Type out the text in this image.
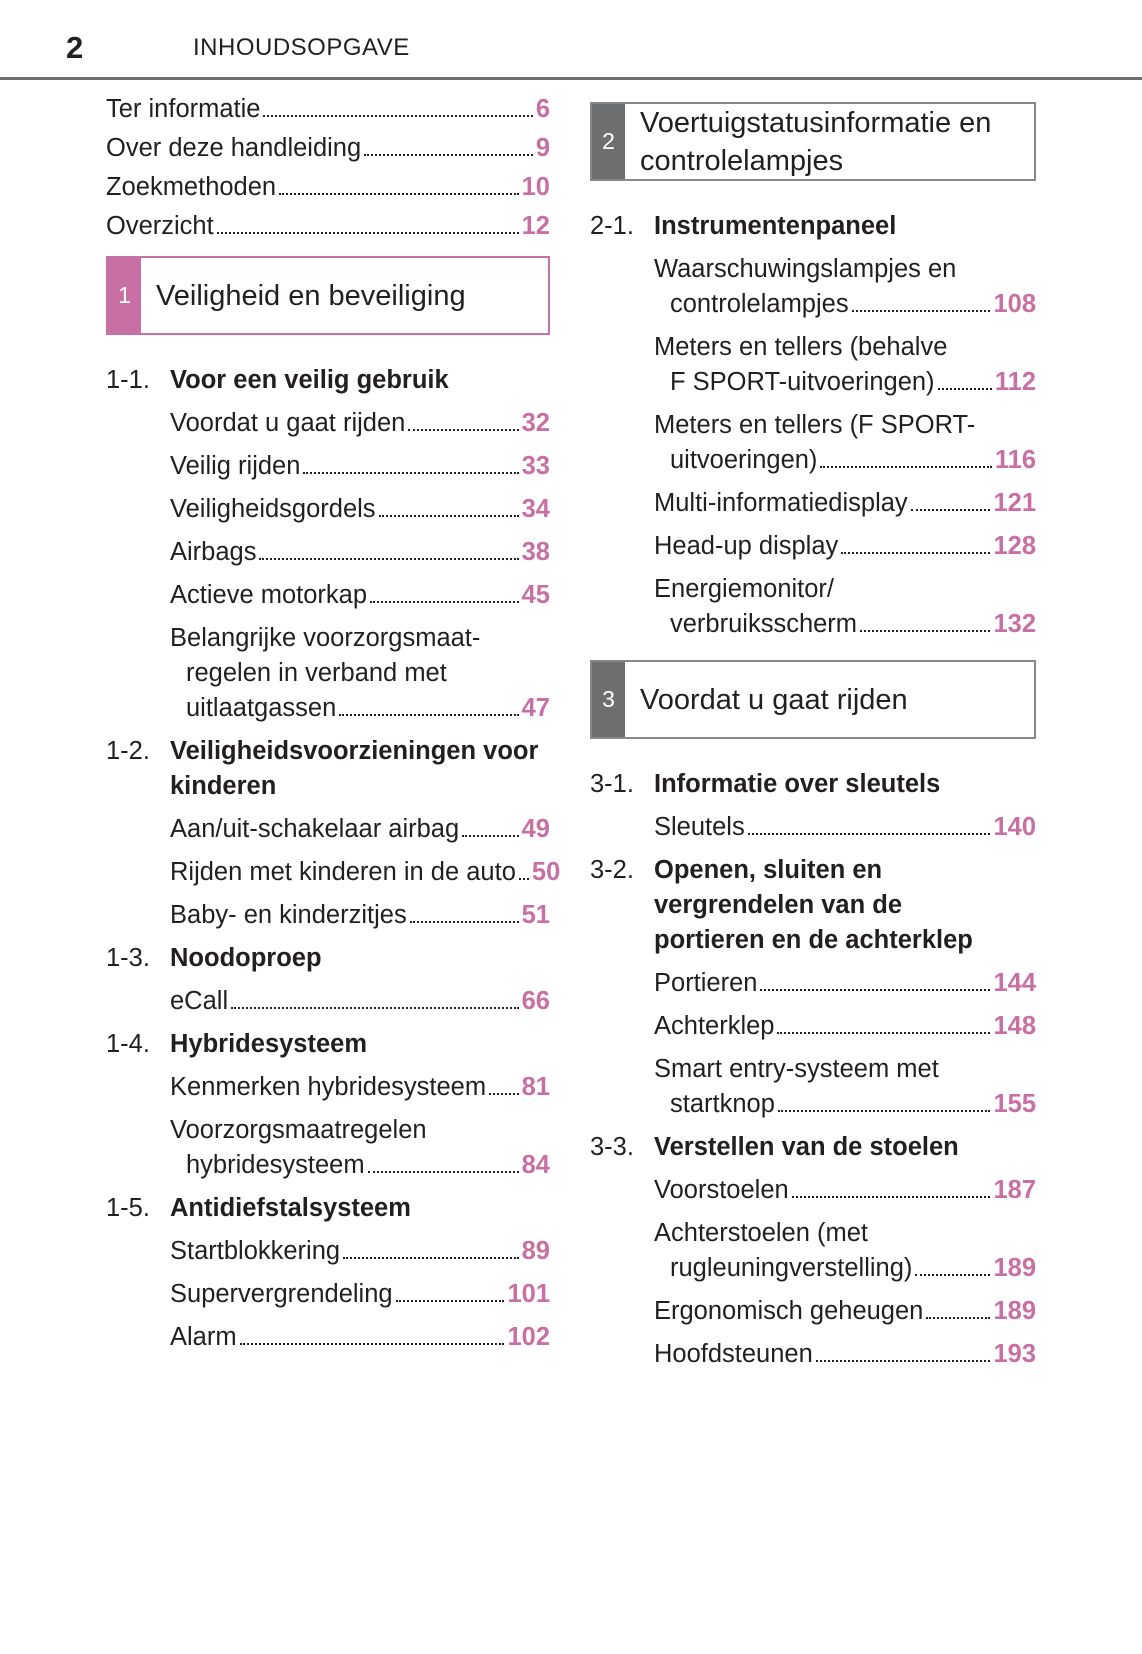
2	INHOUDSOPGAVE
Ter informatie	6
Over deze handleiding	9
Zoekmethoden	10
Overzicht	12
1 Veiligheid en beveiliging
1-1. Voor een veilig gebruik
Voordat u gaat rijden	32
Veilig rijden	33
Veiligheidsgordels	34
Airbags	38
Actieve motorkap	45
Belangrijke voorzorgsmaat-
regelen in verband met
uitlaatgassen	47
1-2. Veiligheidsvoorzieningen voor
kinderen
Aan/uit-schakelaar airbag 49
Rijden met kinderen in de auto 50
Baby- en kinderzitjes	51
1-3. Noodoproep
eCall	66
1-4. Hybridesysteem
Kenmerken hybridesysteem 81
Voorzorgsmaatregelen
hybridesysteem	84
1-5. Antidiefstalsysteem
Startblokkering	89
Supervergrendeling	101
Alarm	102
2
Voertuigstatusinformatie en
controlelampjes
2-1. Instrumentenpaneel
Waarschuwingslampjes en
controlelampjes	108
Meters en tellers (behalve
F SPORT-uitvoeringen) 112
Meters en tellers (F SPORT-
uitvoeringen)	116
Multi-informatiedisplay	121
Head-up display	128
Energiemonitor/
verbruiksscherm	132
3 Voordat u gaat rijden
3-1. Informatie over sleutels
Sleutels	140
3-2. Openen, sluiten en
vergrendelen van de
portieren en de achterklep
Portieren	144
Achterklep	148
Smart entry-systeem met
startknop	155
3-3. Verstellen van de stoelen
Voorstoelen	187
Achterstoelen (met
rugleuningverstelling)	189
Ergonomisch geheugen	189
Hoofdsteunen	193
